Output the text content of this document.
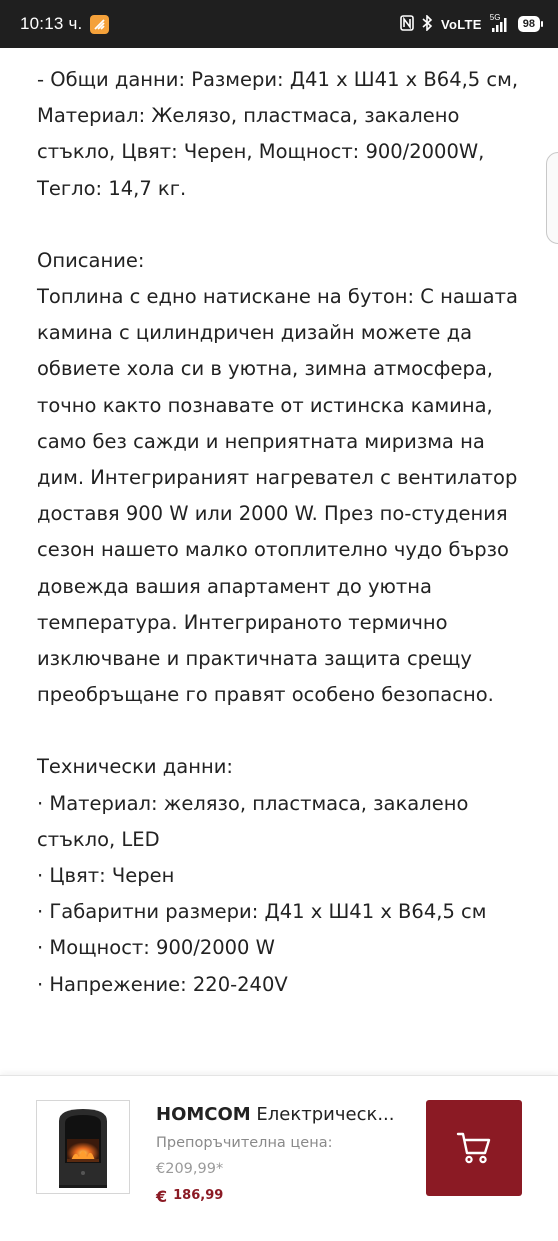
10:13 ч.	VoLTE 5G
98

- Общи данни: Размери: Д41 х Ш41 х В64,5 см, Материал: Желязо, пластмаса, закалено стъкло, Цвят: Черен, Мощност: 900/2000W, Тегло: 14,7 кг.

Описание:

Топлина с едно натискане на бутон: С нашата камина с цилиндричен дизайн можете да обвиете хола си в уютна, зимна атмосфера, точно както познавате от истинска камина, само без сажди и неприятната миризма на дим. Интегрираният нагревател с вентилатор доставя 900 W или 2000 W. През по-студения сезон нашето малко отоплително чудо бързо довежда вашия апартамент до уютна температура. Интегрираното термично изключване и практичната защита срещу преобръщане го правят особено безопасно.

Технически данни:

· Материал: желязо, пластмаса, закалено стъкло, LED

· Цвят: Черен

· Габаритни размери: Д41 х Ш41 х В64,5 см

· Мощност: 900/2000 W

· Напрежение: 220-240V

HOMCOM Електрическ...
Препоръчителна цена:
€209,99*
€ 186,99
